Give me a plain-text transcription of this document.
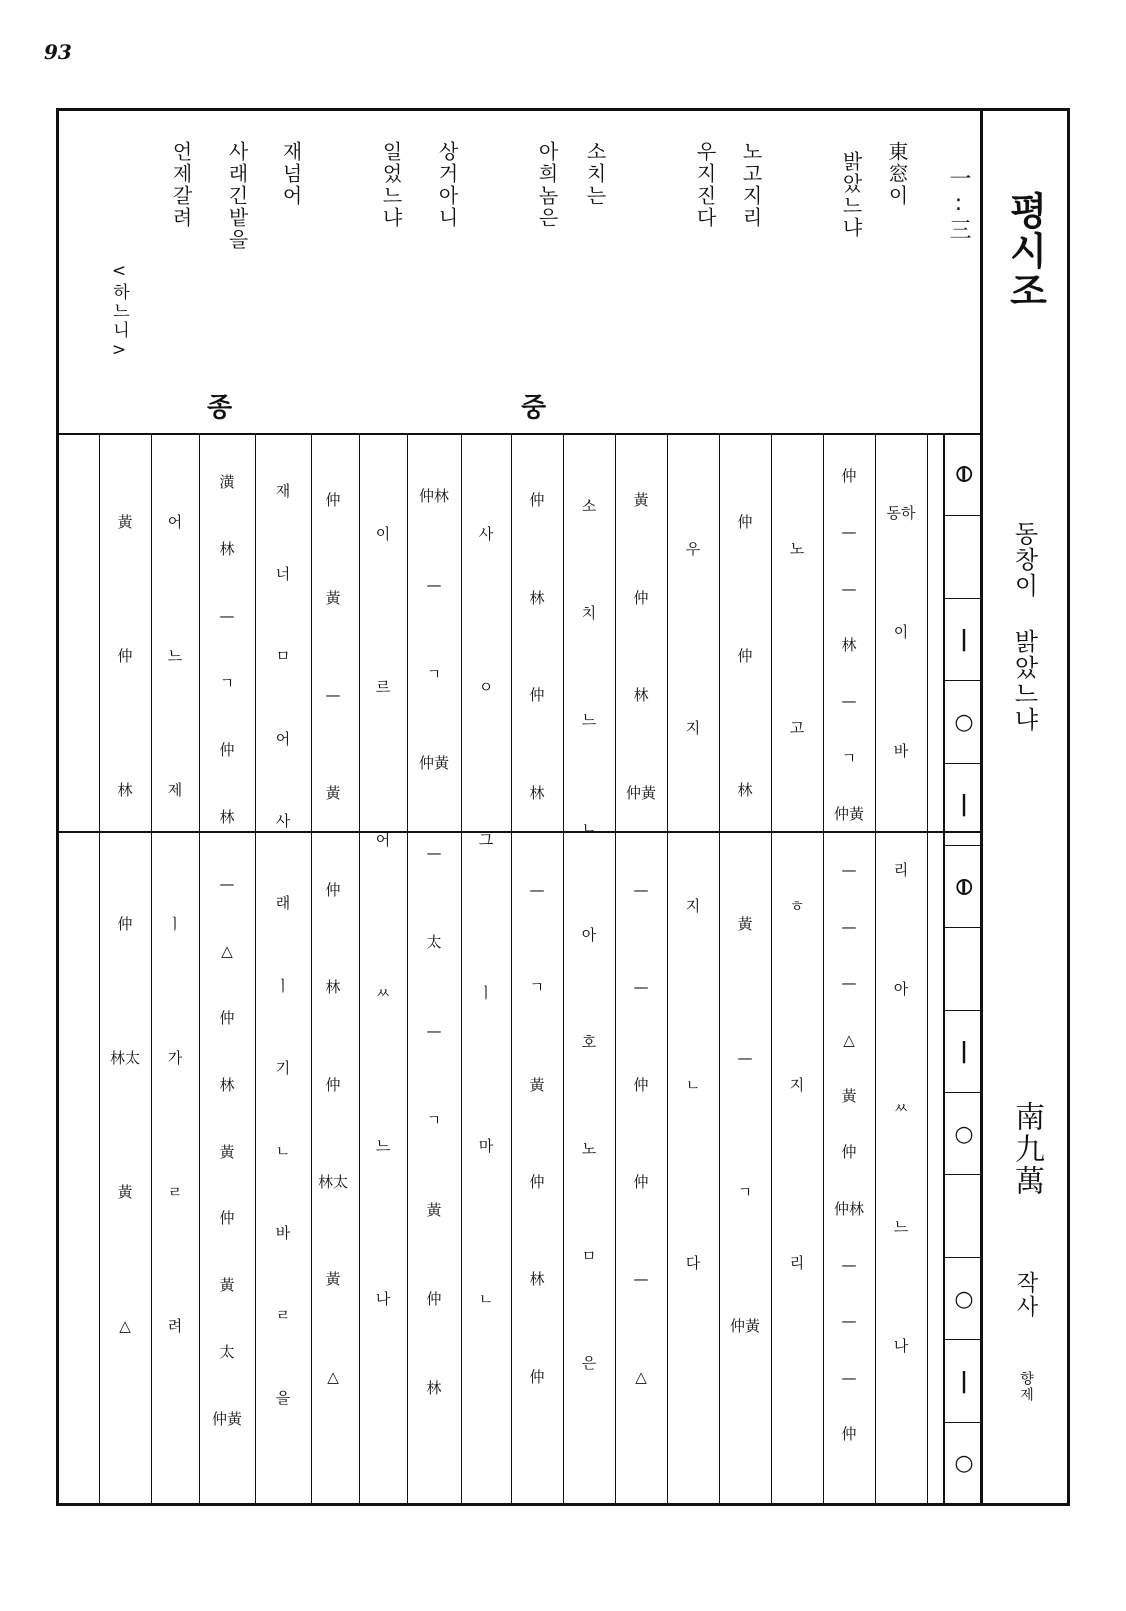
93
평시조
동창이 밝았느냐
南九萬
작사
향제
一:三
東窓이
밝았느냐
노고지리
우지진다
소치는
아희놈은
상거아니
일었느냐
재넘어
사래긴밭을
언제갈려
<하느니>
중
종
⦶
|
○
|
⦶
|
○
○
|
○
동하
이
바
리
아
ㅆ
느
나
仲
—
—
林
—
ㄱ
仲黃
—
—
—
△
黃
仲
仲林
—
—
—
仲
노
고
ㅎ
지
리
仲
仲
林
黃
—
ㄱ
仲黃
우
지
지
ㄴ
다
黃
仲
林
仲黃
—
—
仲
仲
—
△
소
치
느
ㄴ
아
호
노
ㅁ
은
仲
林
仲
林
—
ㄱ
黃
仲
林
仲
사
ㅇ
그
ㅣ
마
ㄴ
仲林
—
ㄱ
仲黃
—
太
—
ㄱ
黃
仲
林
이
르
어
ㅆ
느
나
仲
黃
—
黃
仲
林
仲
林太
黃
△
재
너
ㅁ
어
사
래
ㅣ
기
ㄴ
바
ㄹ
을
潢
林
—
ㄱ
仲
林
—
△
仲
林
黃
仲
黃
太
仲黃
어
느
제
ㅣ
가
ㄹ
려
黃
仲
林
仲
林太
黃
△
